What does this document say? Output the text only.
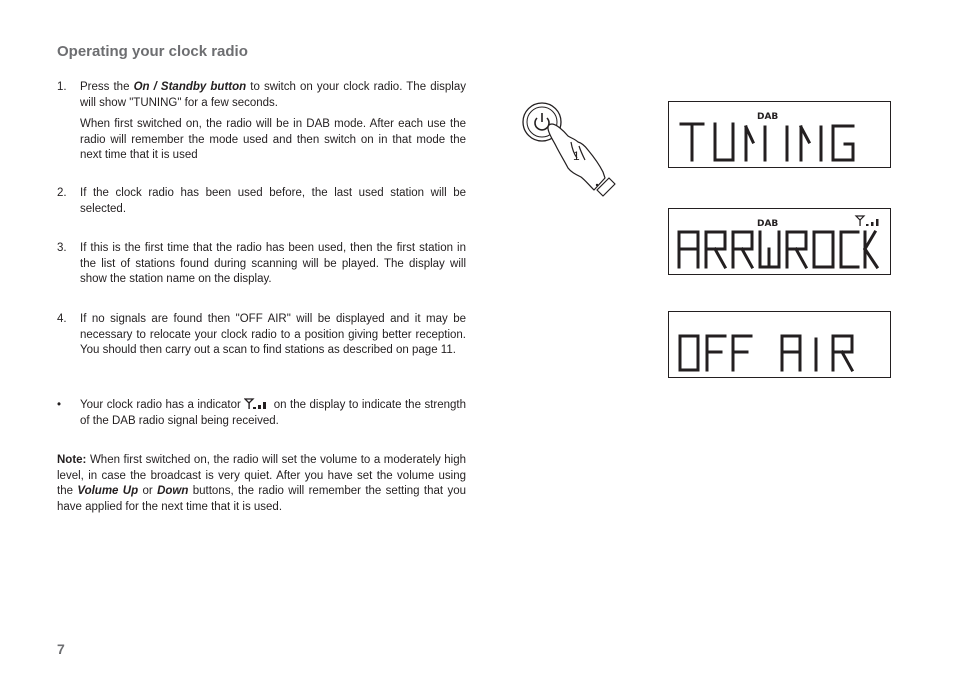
Operating your clock radio
1. Press the On / Standby button to switch on your clock radio. The display will show "TUNING" for a few seconds.

When first switched on, the radio will be in DAB mode. After each use the radio will remember the mode used and then switch on in that mode the next time that it is used

2. If the clock radio has been used before, the last used station will be selected.

3. If this is the first time that the radio has been used, then the first station in the list of stations found during scanning will be played. The display will show the station name on the display.

4. If no signals are found then "OFF AIR" will be displayed and it may be necessary to relocate your clock radio to a position giving better reception. You should then carry out a scan to find stations as described on page 11.

• Your clock radio has a indicator	on the display to indicate the strength of the DAB radio signal being received.

Note: When first switched on, the radio will set the volume to a moderately high level, in case the broadcast is very quiet. After you have set the volume using the Volume Up or Down buttons, the radio will remember the setting that you have applied for the next time that it is used.
7
1
DAB
DAB
